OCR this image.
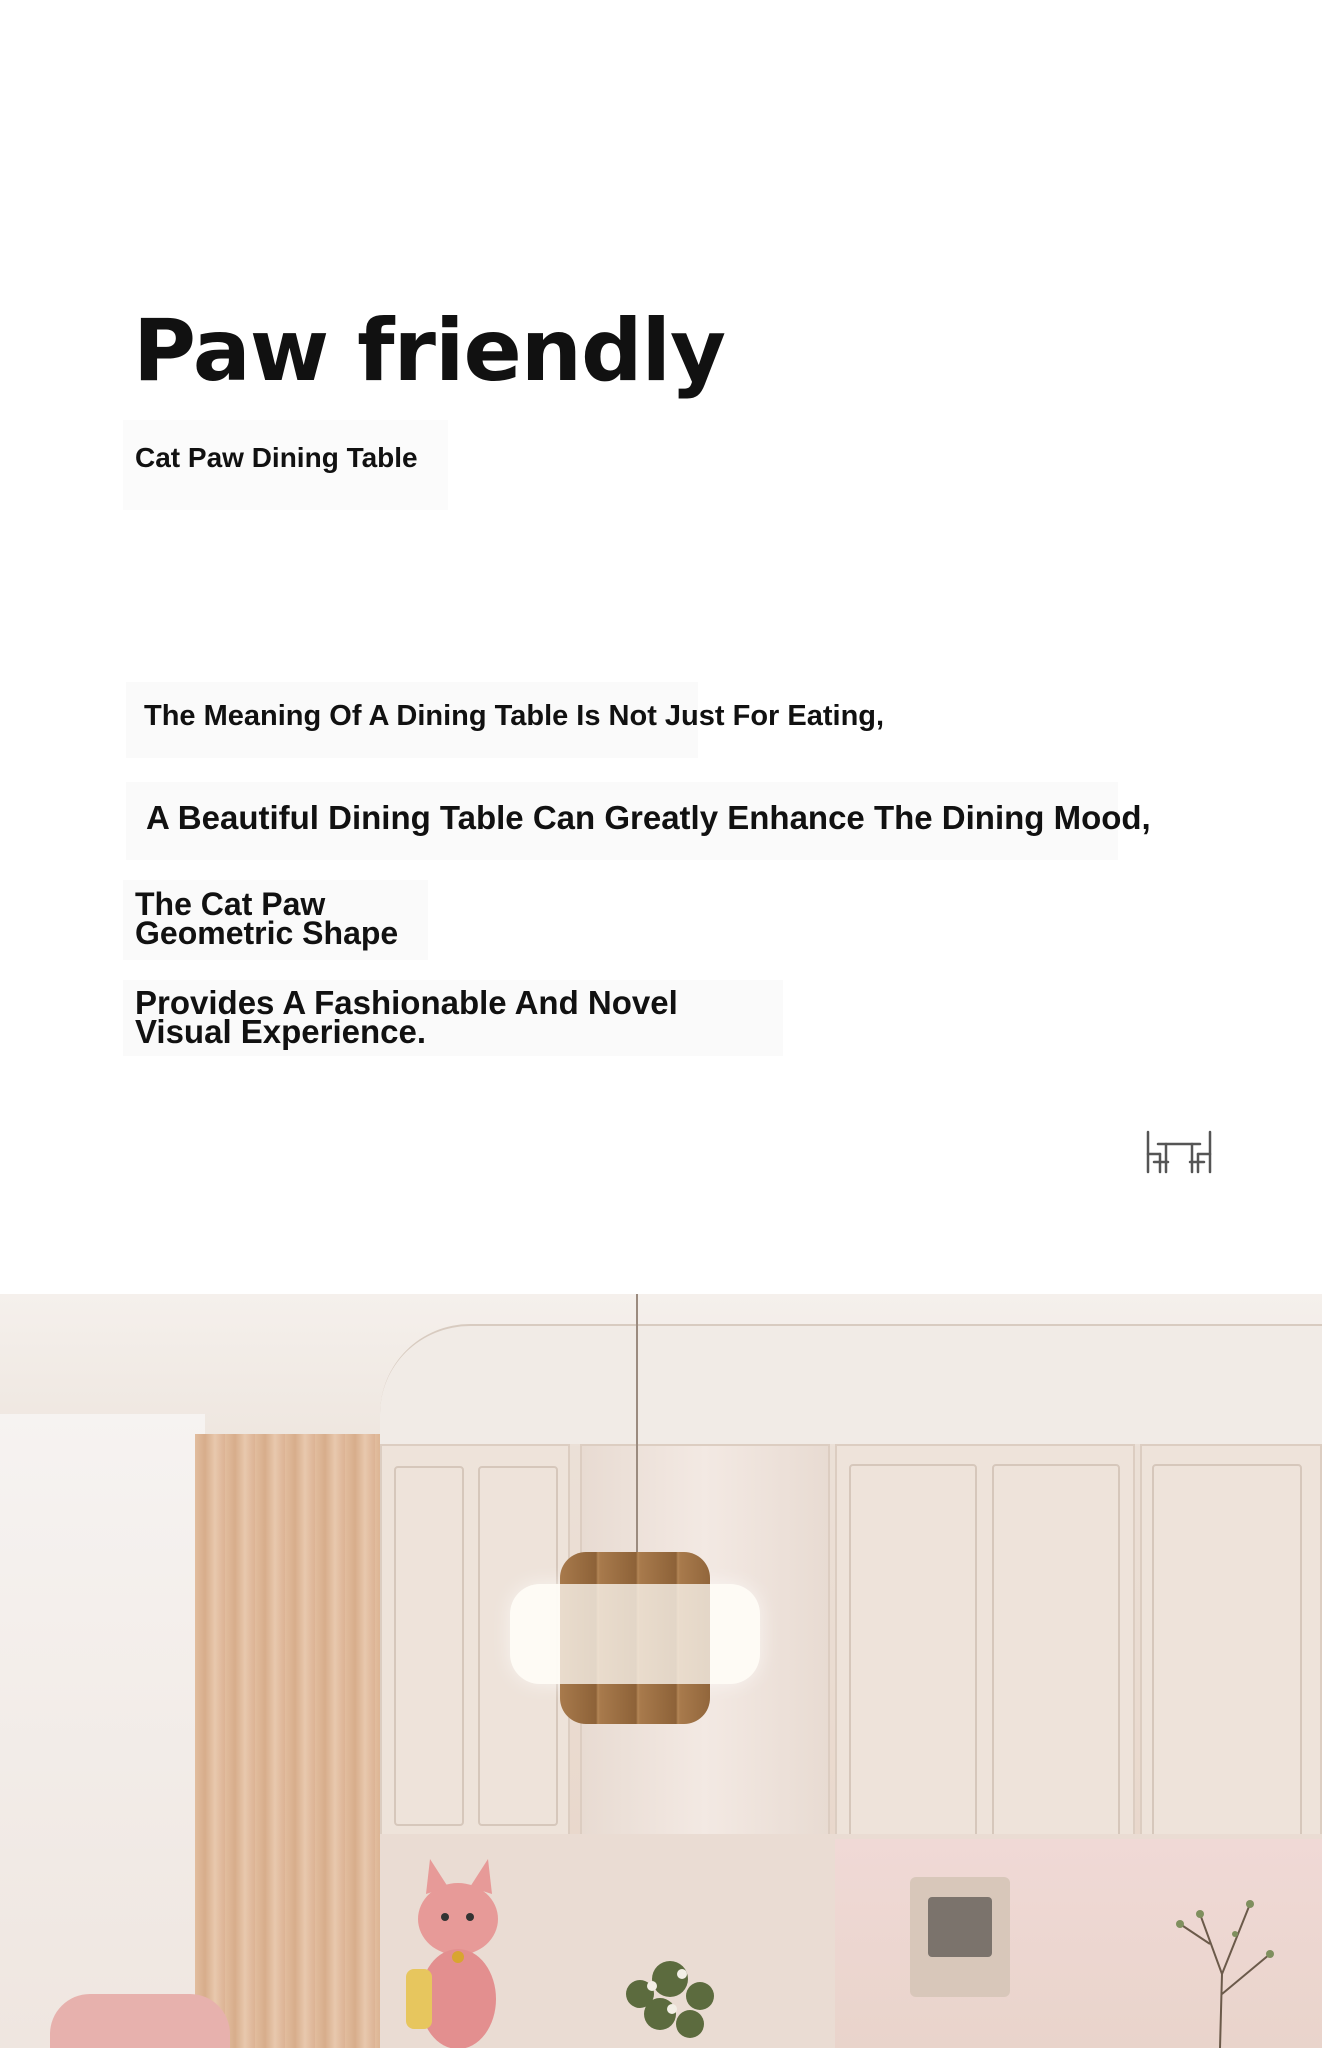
Paw friendly
Cat Paw Dining Table
The Meaning Of A Dining Table Is Not Just For Eating,
A Beautiful Dining Table Can Greatly Enhance The Dining Mood,
The Cat Paw Geometric Shape
Provides A Fashionable And Novel Visual Experience.
